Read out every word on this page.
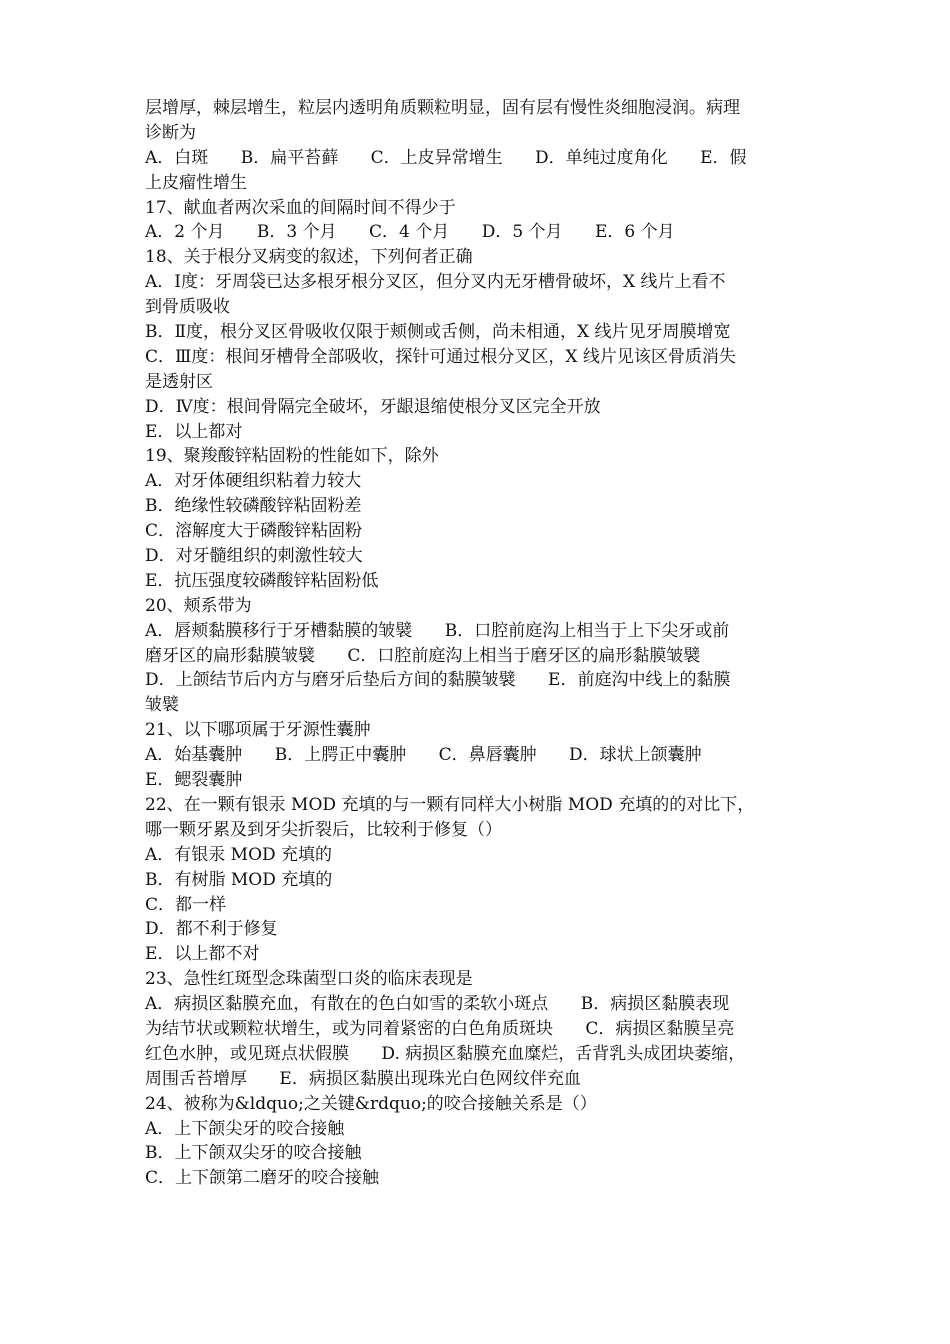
层增厚，棘层增生，粒层内透明角质颗粒明显，固有层有慢性炎细胞浸润。病理
诊断为
A．白斑      B．扁平苔藓      C．上皮异常增生      D．单纯过度角化      E．假
上皮瘤性增生
17、献血者两次采血的间隔时间不得少于
A．2 个月      B．3 个月      C．4 个月      D．5 个月      E．6 个月
18、关于根分叉病变的叙述，下列何者正确
A．Ⅰ度：牙周袋已达多根牙根分叉区，但分叉内无牙槽骨破坏，X 线片上看不
到骨质吸收
B．Ⅱ度，根分叉区骨吸收仅限于颊侧或舌侧，尚未相通，X 线片见牙周膜增宽
C．Ⅲ度：根间牙槽骨全部吸收，探针可通过根分叉区，X 线片见该区骨质消失
是透射区
D．Ⅳ度：根间骨隔完全破坏，牙龈退缩使根分叉区完全开放
E．以上都对
19、聚羧酸锌粘固粉的性能如下，除外
A．对牙体硬组织粘着力较大
B．绝缘性较磷酸锌粘固粉差
C．溶解度大于磷酸锌粘固粉
D．对牙髓组织的刺激性较大
E．抗压强度较磷酸锌粘固粉低
20、颊系带为
A．唇颊黏膜移行于牙槽黏膜的皱襞      B．口腔前庭沟上相当于上下尖牙或前
磨牙区的扁形黏膜皱襞      C．口腔前庭沟上相当于磨牙区的扁形黏膜皱襞
D．上颌结节后内方与磨牙后垫后方间的黏膜皱襞      E．前庭沟中线上的黏膜
皱襞
21、以下哪项属于牙源性囊肿
A．始基囊肿      B．上腭正中囊肿      C．鼻唇囊肿      D．球状上颌囊肿
E．鳃裂囊肿
22、在一颗有银汞 MOD 充填的与一颗有同样大小树脂 MOD 充填的的对比下，
哪一颗牙累及到牙尖折裂后，比较利于修复（）
A．有银汞 MOD 充填的
B．有树脂 MOD 充填的
C．都一样
D．都不利于修复
E．以上都不对
23、急性红斑型念珠菌型口炎的临床表现是
A．病损区黏膜充血，有散在的色白如雪的柔软小斑点      B．病损区黏膜表现
为结节状或颗粒状增生，或为同着紧密的白色角质斑块      C．病损区黏膜呈亮
红色水肿，或见斑点状假膜      D. 病损区黏膜充血糜烂，舌背乳头成团块萎缩，
周围舌苔增厚      E．病损区黏膜出现珠光白色网纹伴充血
24、被称为&ldquo;之关键&rdquo;的咬合接触关系是（）
A．上下颌尖牙的咬合接触
B．上下颌双尖牙的咬合接触
C．上下颌第二磨牙的咬合接触
